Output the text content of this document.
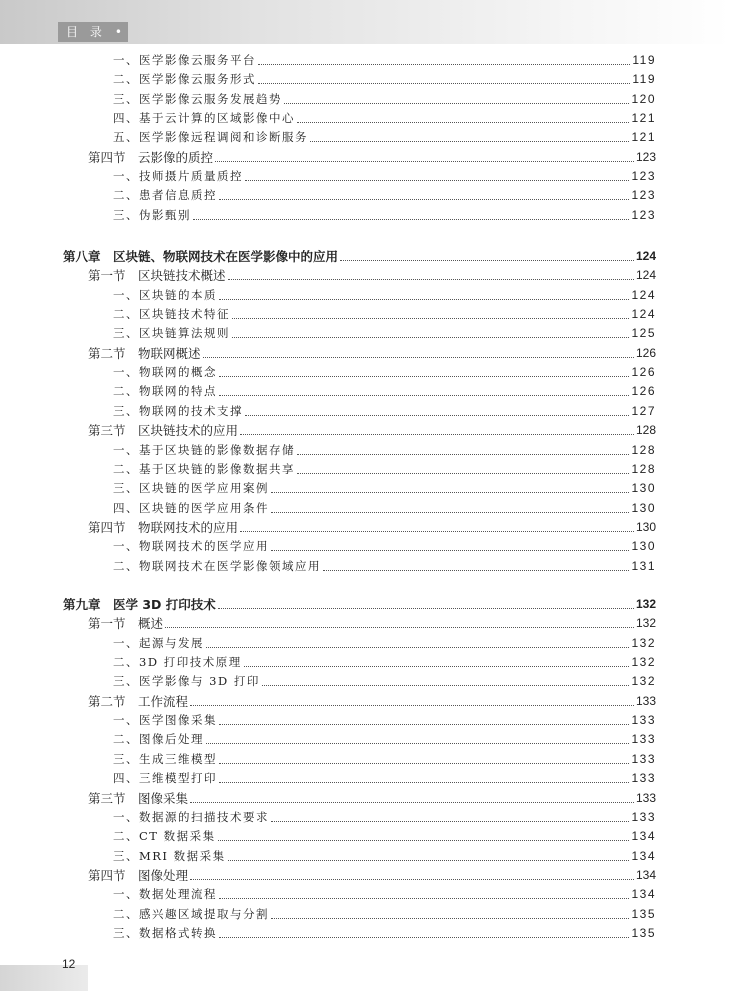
目 录 •
一、医学影像云服务平台	119
二、医学影像云服务形式	119
三、医学影像云服务发展趋势	120
四、基于云计算的区域影像中心	121
五、医学影像远程调阅和诊断服务	121
第四节　云影像的质控	123
一、技师摄片质量质控	123
二、患者信息质控	123
三、伪影甄别	123
第八章　区块链、物联网技术在医学影像中的应用	124
第一节　区块链技术概述	124
一、区块链的本质	124
二、区块链技术特征	124
三、区块链算法规则	125
第二节　物联网概述	126
一、物联网的概念	126
二、物联网的特点	126
三、物联网的技术支撑	127
第三节　区块链技术的应用	128
一、基于区块链的影像数据存储	128
二、基于区块链的影像数据共享	128
三、区块链的医学应用案例	130
四、区块链的医学应用条件	130
第四节　物联网技术的应用	130
一、物联网技术的医学应用	130
二、物联网技术在医学影像领域应用	131
第九章　医学 3D 打印技术	132
第一节　概述	132
一、起源与发展	132
二、3D 打印技术原理	132
三、医学影像与 3D 打印	132
第二节　工作流程	133
一、医学图像采集	133
二、图像后处理	133
三、生成三维模型	133
四、三维模型打印	133
第三节　图像采集	133
一、数据源的扫描技术要求	133
二、CT 数据采集	134
三、MRI 数据采集	134
第四节　图像处理	134
一、数据处理流程	134
二、感兴趣区域提取与分割	135
三、数据格式转换	135
12
